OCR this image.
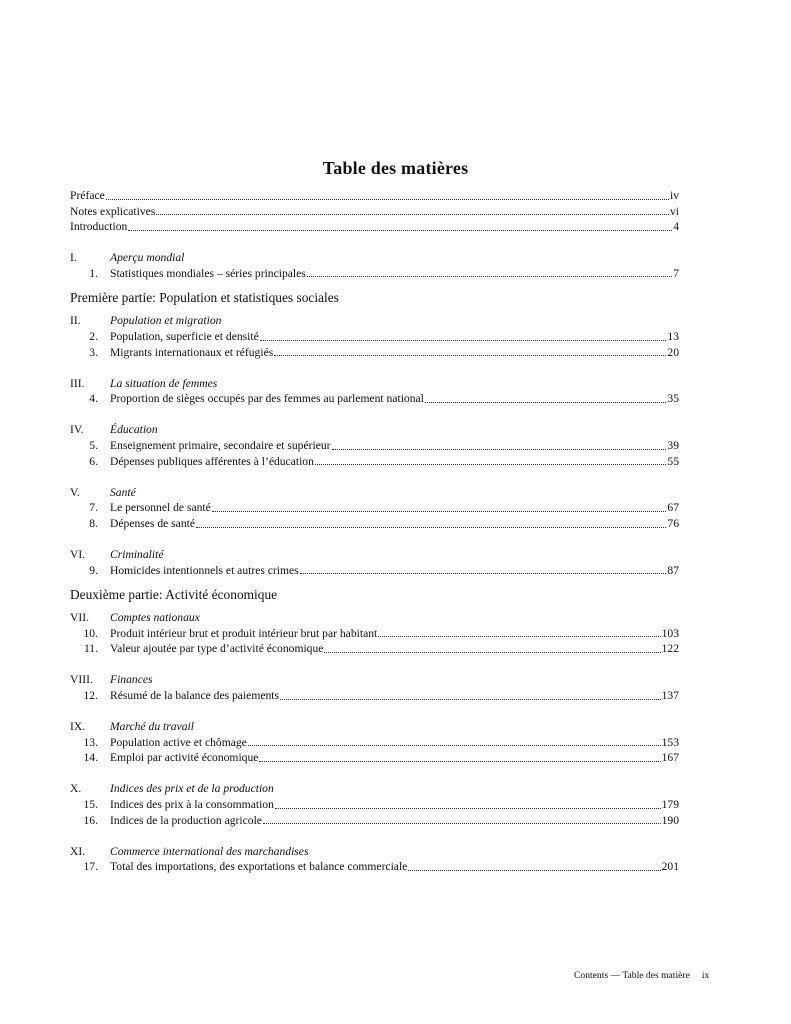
Table des matières
Préface	iv
Notes explicatives	vi
Introduction	4
I.	Aperçu mondial
1.	Statistiques mondiales – séries principales	7
Première partie: Population et statistiques sociales
II.	Population et migration
2.	Population, superficie et densité	13
3.	Migrants internationaux et réfugiés	20
III.	La situation de femmes
4.	Proportion de sièges occupés par des femmes au parlement national	35
IV.	Éducation
5.	Enseignement primaire, secondaire et supérieur	39
6.	Dépenses publiques afférentes à l’éducation	55
V.	Santé
7.	Le personnel de santé	67
8.	Dépenses de santé	76
VI.	Criminalité
9.	Homicides intentionnels et autres crimes	87
Deuxième partie: Activité économique
VII.	Comptes nationaux
10.	Produit intérieur brut et produit intérieur brut par habitant	103
11.	Valeur ajoutée par type d’activité économique	122
VIII.	Finances
12.	Résumé de la balance des paiements	137
IX.	Marché du travail
13.	Population active et chômage	153
14.	Emploi par activité économique	167
X.	Indices des prix et de la production
15.	Indices des prix à la consommation	179
16.	Indices de la production agricole	190
XI.	Commerce international des marchandises
17.	Total des importations, des exportations et balance commerciale	201
Contents — Table des matière ix
